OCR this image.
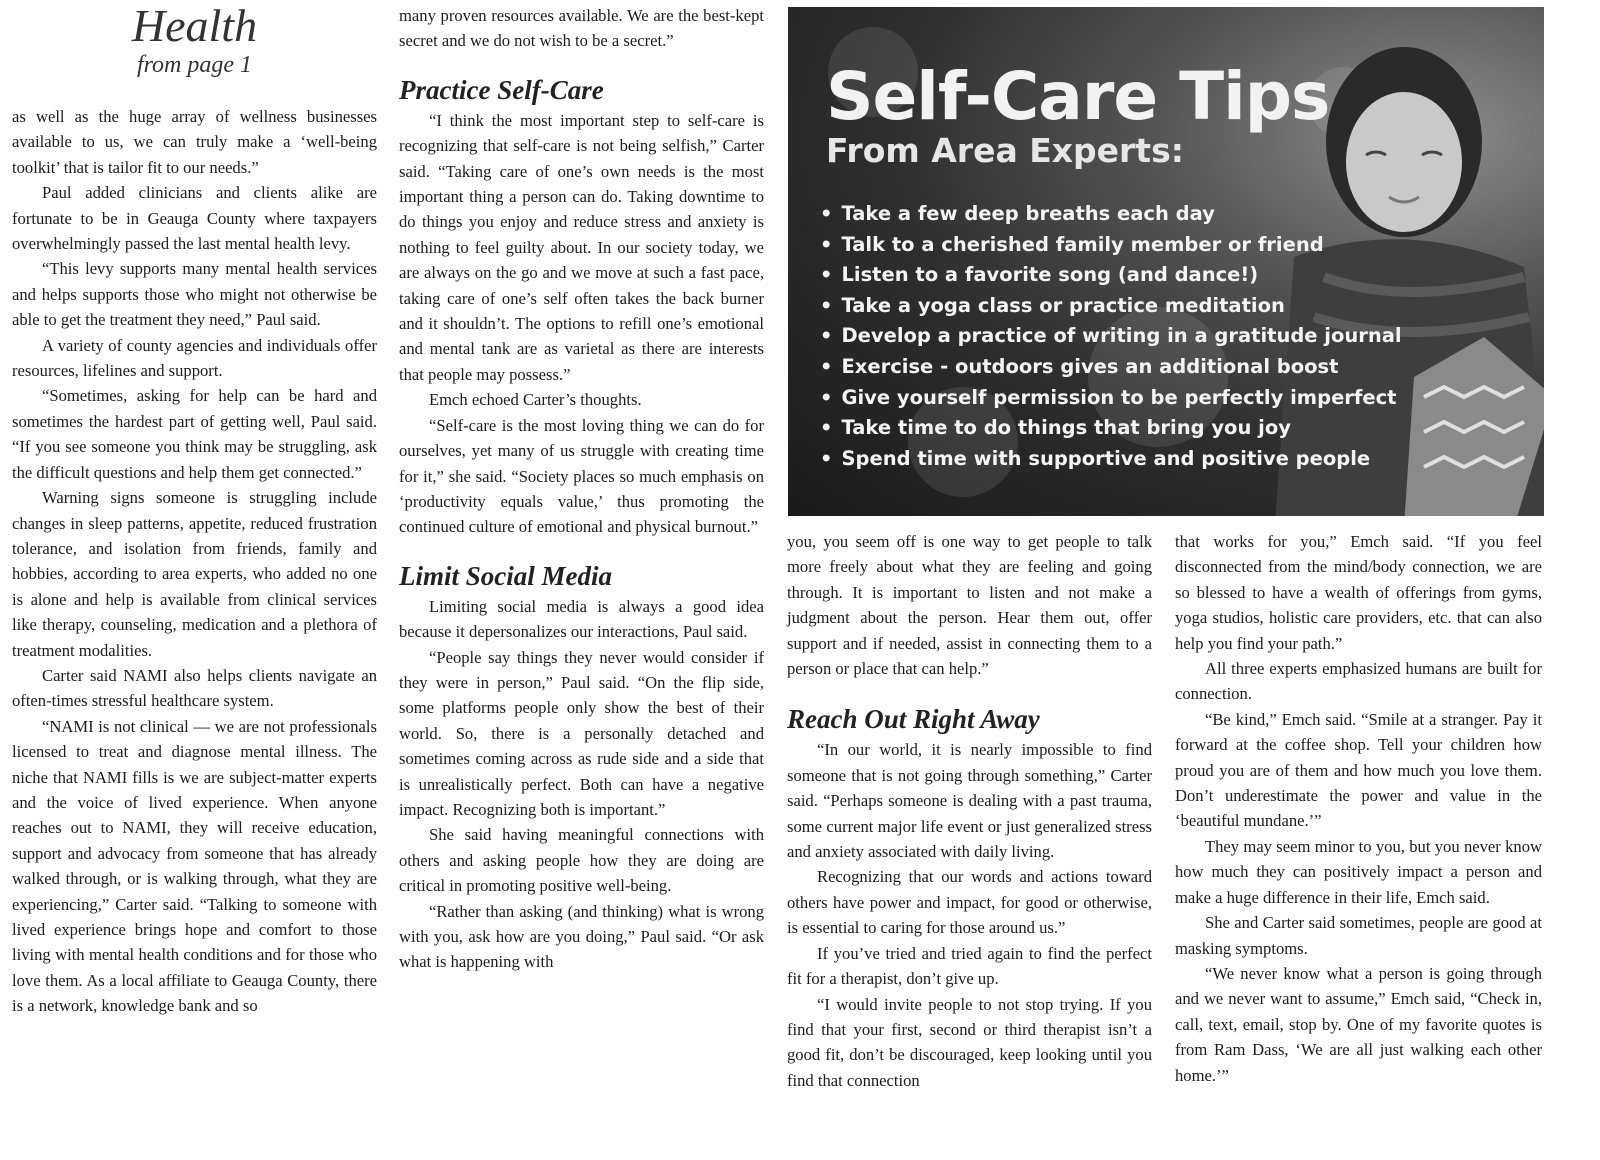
Health
from page 1

as well as the huge array of wellness businesses available to us, we can truly make a ‘well-being toolkit’ that is tailor fit to our needs.”

Paul added clinicians and clients alike are fortunate to be in Geauga County where taxpayers overwhelmingly passed the last mental health levy.

“This levy supports many mental health services and helps supports those who might not otherwise be able to get the treatment they need,” Paul said.

A variety of county agencies and individuals offer resources, lifelines and support.

“Sometimes, asking for help can be hard and sometimes the hardest part of getting well, Paul said. “If you see someone you think may be struggling, ask the difficult questions and help them get connected.”

Warning signs someone is struggling include changes in sleep patterns, appetite, reduced frustration tolerance, and isolation from friends, family and hobbies, according to area experts, who added no one is alone and help is available from clinical services like therapy, counseling, medication and a plethora of treatment modalities.

Carter said NAMI also helps clients navigate an often-times stressful healthcare system.

“NAMI is not clinical — we are not professionals licensed to treat and diagnose mental illness. The niche that NAMI fills is we are subject-matter experts and the voice of lived experience. When anyone reaches out to NAMI, they will receive education, support and advocacy from someone that has already walked through, or is walking through, what they are experiencing,” Carter said. “Talking to someone with lived experience brings hope and comfort to those living with mental health conditions and for those who love them. As a local affiliate to Geauga County, there is a network, knowledge bank and so

many proven resources available. We are the best-kept secret and we do not wish to be a secret.”

Practice Self-Care

“I think the most important step to self-care is recognizing that self-care is not being selfish,” Carter said. “Taking care of one’s own needs is the most important thing a person can do. Taking downtime to do things you enjoy and reduce stress and anxiety is nothing to feel guilty about. In our society today, we are always on the go and we move at such a fast pace, taking care of one’s self often takes the back burner and it shouldn’t. The options to refill one’s emotional and mental tank are as varietal as there are interests that people may possess.”

Emch echoed Carter’s thoughts.

“Self-care is the most loving thing we can do for ourselves, yet many of us struggle with creating time for it,” she said. “Society places so much emphasis on ‘productivity equals value,’ thus promoting the continued culture of emotional and physical burnout.”

Limit Social Media

Limiting social media is always a good idea because it depersonalizes our interactions, Paul said.

“People say things they never would consider if they were in person,” Paul said. “On the flip side, some platforms people only show the best of their world. So, there is a personally detached and sometimes coming across as rude side and a side that is unrealistically perfect. Both can have a negative impact. Recognizing both is important.”

She said having meaningful connections with others and asking people how they are doing are critical in promoting positive well-being.

“Rather than asking (and thinking) what is wrong with you, ask how are you doing,” Paul said. “Or ask what is happening with

Self-Care Tips
From Area Experts:
• Take a few deep breaths each day
• Talk to a cherished family member or friend
• Listen to a favorite song (and dance!)
• Take a yoga class or practice meditation
• Develop a practice of writing in a gratitude journal
• Exercise - outdoors gives an additional boost
• Give yourself permission to be perfectly imperfect
• Take time to do things that bring you joy
• Spend time with supportive and positive people

you, you seem off is one way to get people to talk more freely about what they are feeling and going through. It is important to listen and not make a judgment about the person. Hear them out, offer support and if needed, assist in connecting them to a person or place that can help.”

Reach Out Right Away

“In our world, it is nearly impossible to find someone that is not going through something,” Carter said. “Perhaps someone is dealing with a past trauma, some current major life event or just generalized stress and anxiety associated with daily living.

Recognizing that our words and actions toward others have power and impact, for good or otherwise, is essential to caring for those around us.”

If you’ve tried and tried again to find the perfect fit for a therapist, don’t give up.

“I would invite people to not stop trying. If you find that your first, second or third therapist isn’t a good fit, don’t be discouraged, keep looking until you find that connection

that works for you,” Emch said. “If you feel disconnected from the mind/body connection, we are so blessed to have a wealth of offerings from gyms, yoga studios, holistic care providers, etc. that can also help you find your path.”

All three experts emphasized humans are built for connection.

“Be kind,” Emch said. “Smile at a stranger. Pay it forward at the coffee shop. Tell your children how proud you are of them and how much you love them. Don’t underestimate the power and value in the ‘beautiful mundane.’”

They may seem minor to you, but you never know how much they can positively impact a person and make a huge difference in their life, Emch said.

She and Carter said sometimes, people are good at masking symptoms.

“We never know what a person is going through and we never want to assume,” Emch said, “Check in, call, text, email, stop by. One of my favorite quotes is from Ram Dass, ‘We are all just walking each other home.’”
